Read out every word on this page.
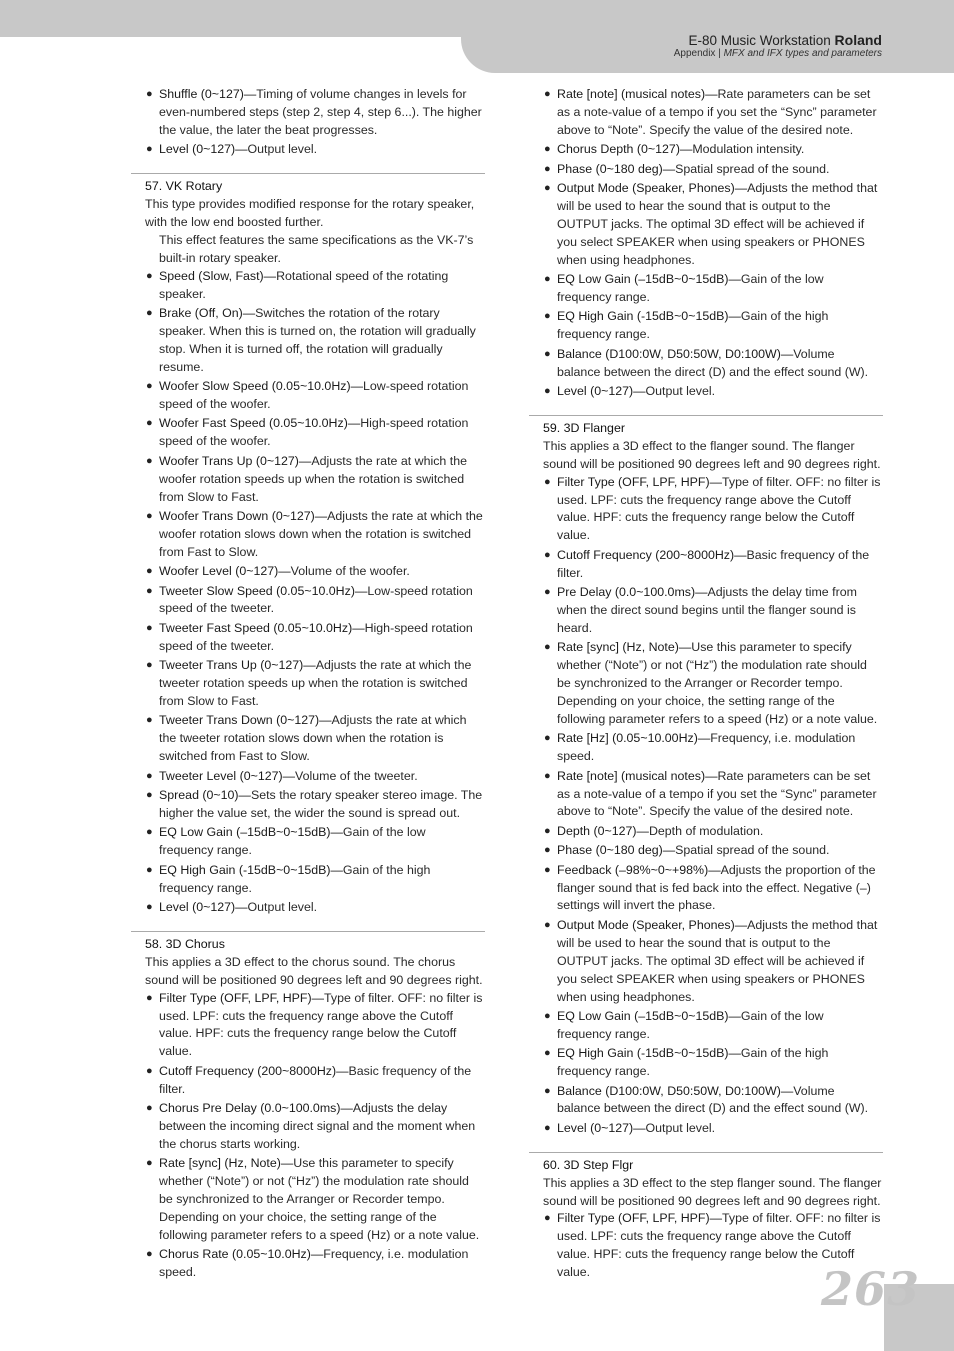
E-80 Music Workstation Roland
Appendix | MFX and IFX types and parameters
● Shuffle (0~127)—Timing of volume changes in levels for even-numbered steps (step 2, step 4, step 6...). The higher the value, the later the beat progresses.
● Level (0~127)—Output level.
57. VK Rotary
This type provides modified response for the rotary speaker, with the low end boosted further.
This effect features the same specifications as the VK-7’s built-in rotary speaker.
● Speed (Slow, Fast)—Rotational speed of the rotating speaker.
● Brake (Off, On)—Switches the rotation of the rotary speaker. When this is turned on, the rotation will gradually stop. When it is turned off, the rotation will gradually resume.
● Woofer Slow Speed (0.05~10.0Hz)—Low-speed rotation speed of the woofer.
● Woofer Fast Speed (0.05~10.0Hz)—High-speed rotation speed of the woofer.
● Woofer Trans Up (0~127)—Adjusts the rate at which the woofer rotation speeds up when the rotation is switched from Slow to Fast.
● Woofer Trans Down (0~127)—Adjusts the rate at which the woofer rotation slows down when the rotation is switched from Fast to Slow.
● Woofer Level (0~127)—Volume of the woofer.
● Tweeter Slow Speed (0.05~10.0Hz)—Low-speed rotation speed of the tweeter.
● Tweeter Fast Speed (0.05~10.0Hz)—High-speed rotation speed of the tweeter.
● Tweeter Trans Up (0~127)—Adjusts the rate at which the tweeter rotation speeds up when the rotation is switched from Slow to Fast.
● Tweeter Trans Down (0~127)—Adjusts the rate at which the tweeter rotation slows down when the rotation is switched from Fast to Slow.
● Tweeter Level (0~127)—Volume of the tweeter.
● Spread (0~10)—Sets the rotary speaker stereo image. The higher the value set, the wider the sound is spread out.
● EQ Low Gain (–15dB~0~15dB)—Gain of the low frequency range.
● EQ High Gain (-15dB~0~15dB)—Gain of the high frequency range.
● Level (0~127)—Output level.
58. 3D Chorus
This applies a 3D effect to the chorus sound. The chorus sound will be positioned 90 degrees left and 90 degrees right.
● Filter Type (OFF, LPF, HPF)—Type of filter. OFF: no filter is used. LPF: cuts the frequency range above the Cutoff value. HPF: cuts the frequency range below the Cutoff value.
● Cutoff Frequency (200~8000Hz)—Basic frequency of the filter.
● Chorus Pre Delay (0.0~100.0ms)—Adjusts the delay between the incoming direct signal and the moment when the chorus starts working.
● Rate [sync] (Hz, Note)—Use this parameter to specify whether (“Note”) or not (“Hz”) the modulation rate should be synchronized to the Arranger or Recorder tempo. Depending on your choice, the setting range of the following parameter refers to a speed (Hz) or a note value.
● Chorus Rate (0.05~10.0Hz)—Frequency, i.e. modulation speed.
● Rate [note] (musical notes)—Rate parameters can be set as a note-value of a tempo if you set the “Sync” parameter above to “Note”. Specify the value of the desired note.
● Chorus Depth (0~127)—Modulation intensity.
● Phase (0~180 deg)—Spatial spread of the sound.
● Output Mode (Speaker, Phones)—Adjusts the method that will be used to hear the sound that is output to the OUTPUT jacks. The optimal 3D effect will be achieved if you select SPEAKER when using speakers or PHONES when using headphones.
● EQ Low Gain (–15dB~0~15dB)—Gain of the low frequency range.
● EQ High Gain (-15dB~0~15dB)—Gain of the high frequency range.
● Balance (D100:0W, D50:50W, D0:100W)—Volume balance between the direct (D) and the effect sound (W).
● Level (0~127)—Output level.
59. 3D Flanger
This applies a 3D effect to the flanger sound. The flanger sound will be positioned 90 degrees left and 90 degrees right.
● Filter Type (OFF, LPF, HPF)—Type of filter. OFF: no filter is used. LPF: cuts the frequency range above the Cutoff value. HPF: cuts the frequency range below the Cutoff value.
● Cutoff Frequency (200~8000Hz)—Basic frequency of the filter.
● Pre Delay (0.0~100.0ms)—Adjusts the delay time from when the direct sound begins until the flanger sound is heard.
● Rate [sync] (Hz, Note)—Use this parameter to specify whether (“Note”) or not (“Hz”) the modulation rate should be synchronized to the Arranger or Recorder tempo. Depending on your choice, the setting range of the following parameter refers to a speed (Hz) or a note value.
● Rate [Hz] (0.05~10.00Hz)—Frequency, i.e. modulation speed.
● Rate [note] (musical notes)—Rate parameters can be set as a note-value of a tempo if you set the “Sync” parameter above to “Note”. Specify the value of the desired note.
● Depth (0~127)—Depth of modulation.
● Phase (0~180 deg)—Spatial spread of the sound.
● Feedback (–98%~0~+98%)—Adjusts the proportion of the flanger sound that is fed back into the effect. Negative (–) settings will invert the phase.
● Output Mode (Speaker, Phones)—Adjusts the method that will be used to hear the sound that is output to the OUTPUT jacks. The optimal 3D effect will be achieved if you select SPEAKER when using speakers or PHONES when using headphones.
● EQ Low Gain (–15dB~0~15dB)—Gain of the low frequency range.
● EQ High Gain (-15dB~0~15dB)—Gain of the high frequency range.
● Balance (D100:0W, D50:50W, D0:100W)—Volume balance between the direct (D) and the effect sound (W).
● Level (0~127)—Output level.
60. 3D Step Flgr
This applies a 3D effect to the step flanger sound. The flanger sound will be positioned 90 degrees left and 90 degrees right.
● Filter Type (OFF, LPF, HPF)—Type of filter. OFF: no filter is used. LPF: cuts the frequency range above the Cutoff value. HPF: cuts the frequency range below the Cutoff value.	263
